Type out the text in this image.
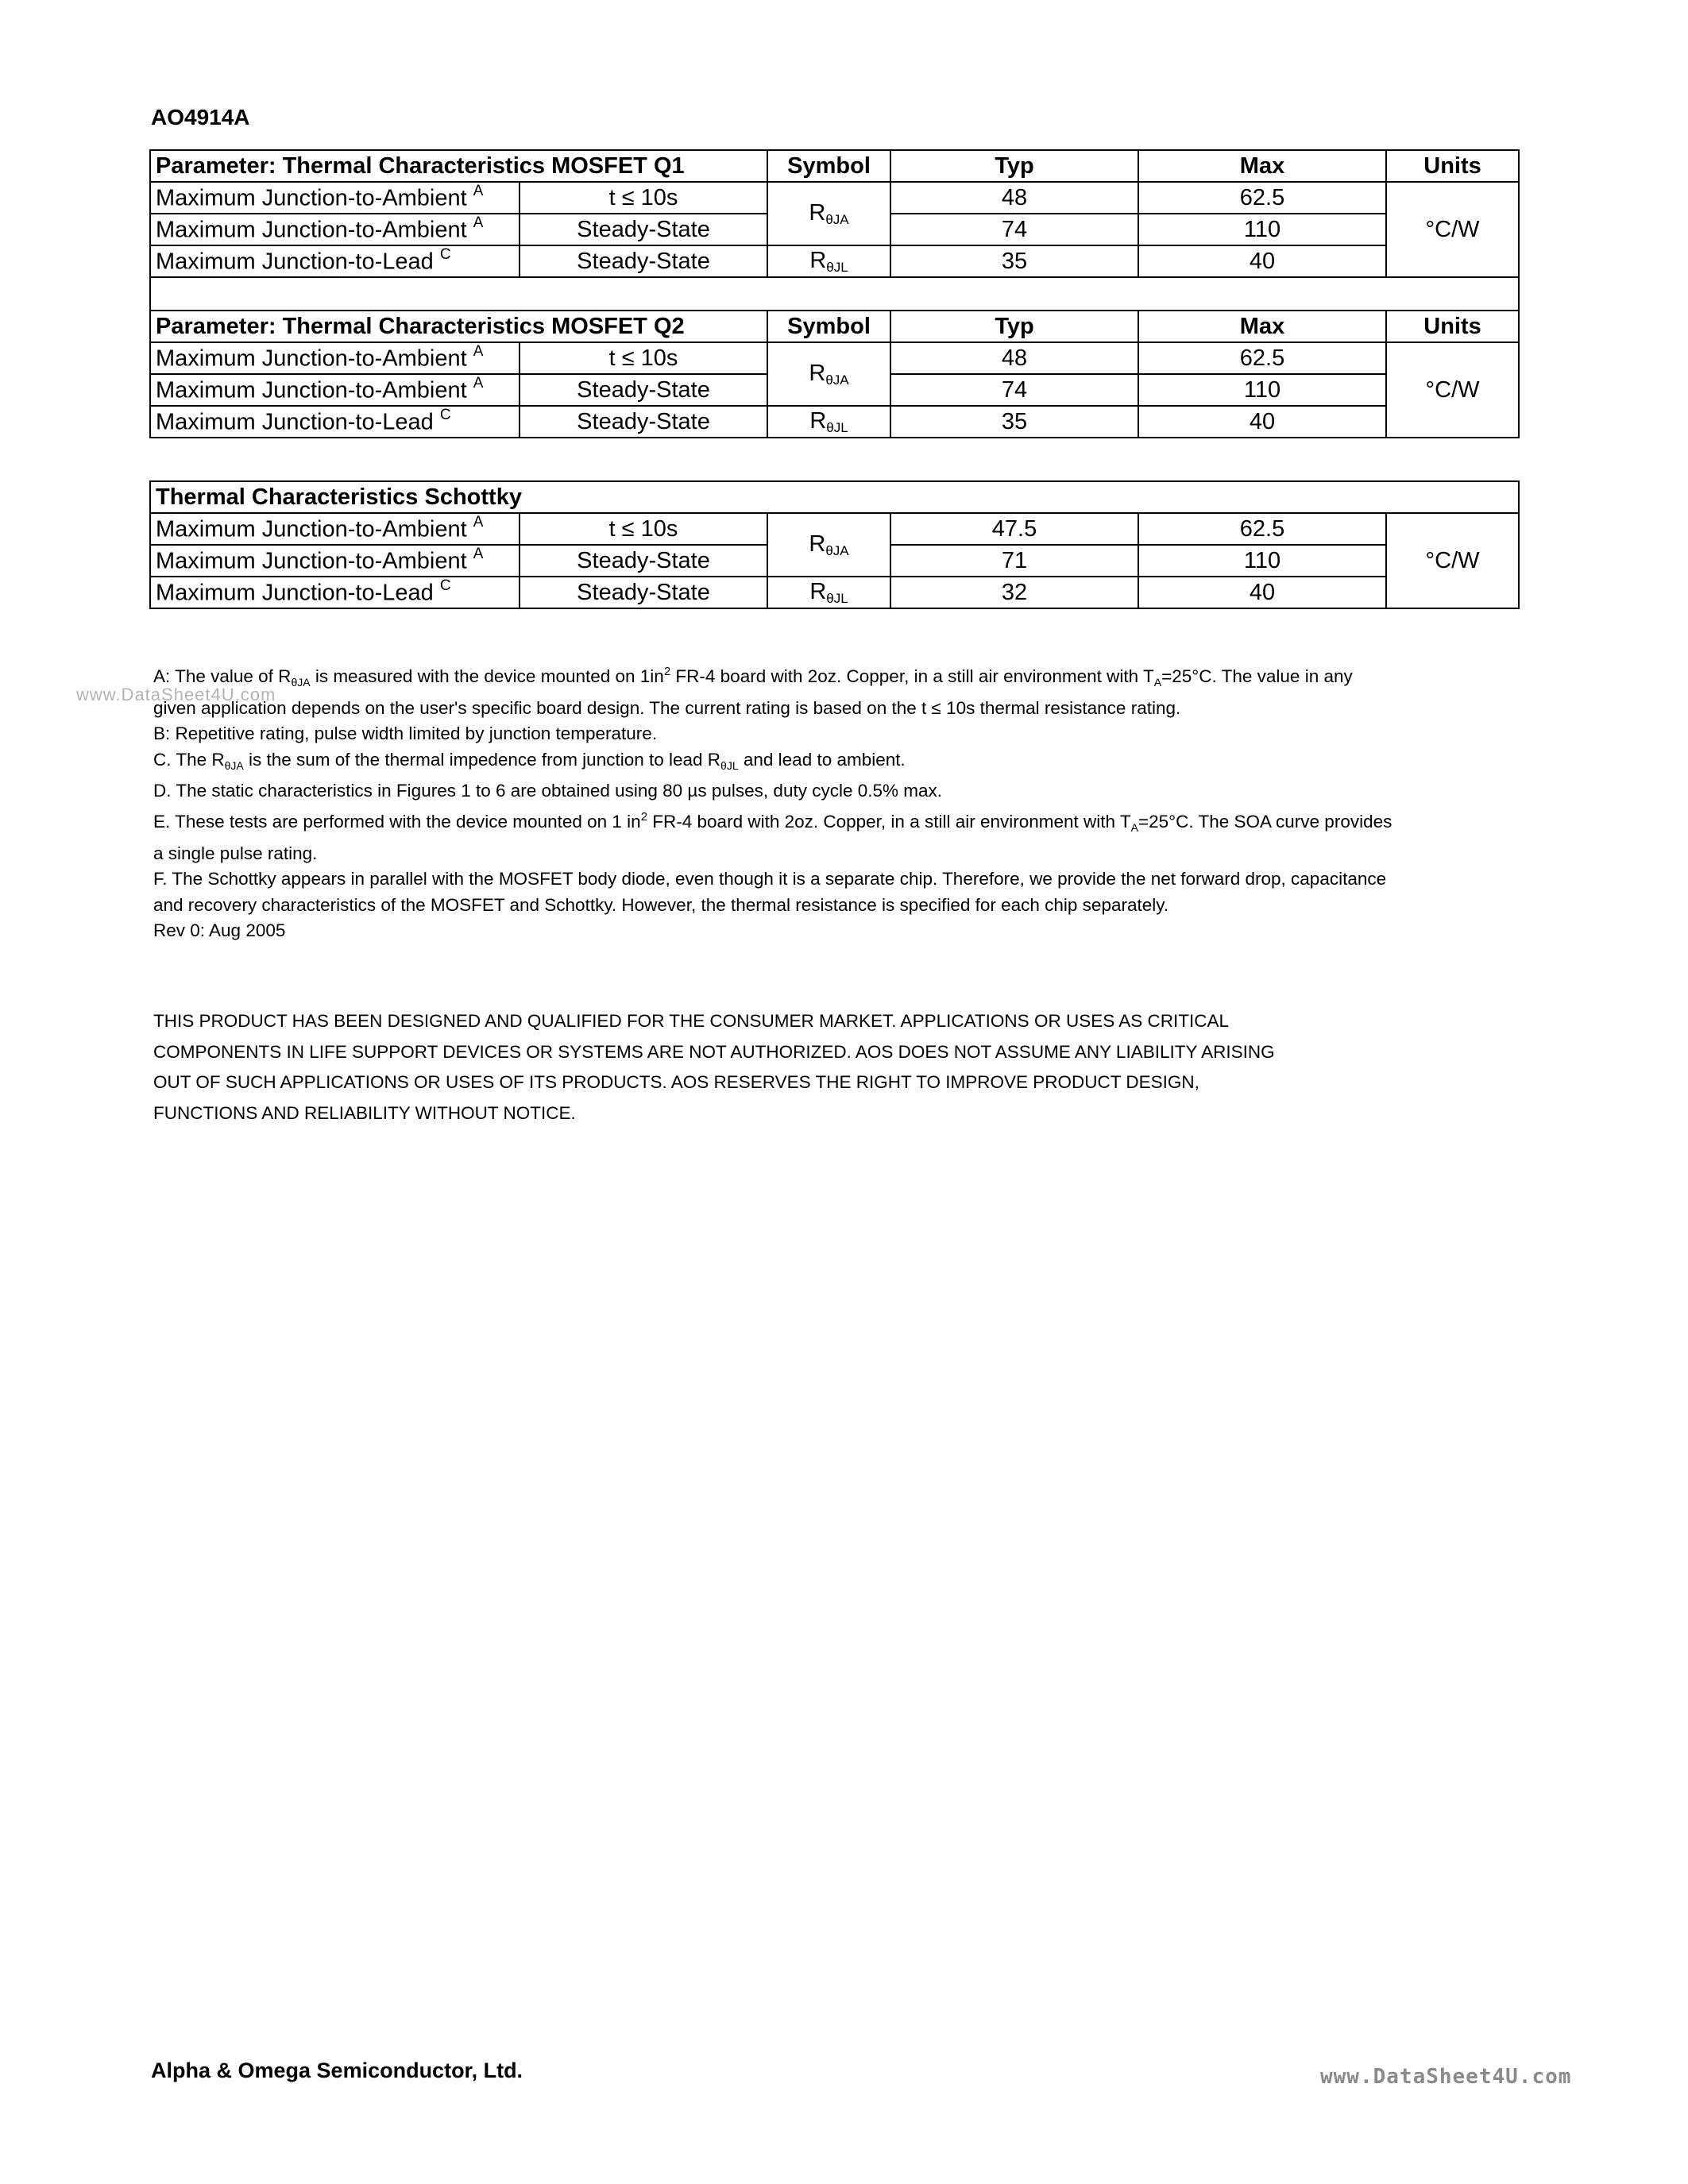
AO4914A
Parameter: Thermal Characteristics MOSFET Q1		Symbol	Typ	Max	Units
Maximum Junction-to-Ambient $^A$	t ≤ 10s	RθJA	48	62.5	°C/W
Maximum Junction-to-Ambient $^A$	Steady-State		74	110	
Maximum Junction-to-Lead $^C$	Steady-State	RθJL	35	40	

Parameter: Thermal Characteristics MOSFET Q2		Symbol	Typ	Max	Units
Maximum Junction-to-Ambient $^A$	t ≤ 10s	RθJA	48	62.5	°C/W
Maximum Junction-to-Ambient $^A$	Steady-State		74	110	
Maximum Junction-to-Lead $^C$	Steady-State	RθJL	35	40	
Thermal Characteristics Schottky					
Maximum Junction-to-Ambient $^A$	t ≤ 10s	RθJA	47.5	62.5	°C/W
Maximum Junction-to-Ambient $^A$	Steady-State		71	110	
Maximum Junction-to-Lead $^C$	Steady-State	RθJL	32	40	
www.DataSheet4U.com

A: The value of $R_{\theta JA}$ is measured with the device mounted on $1in^2$ FR-4 board with 2oz. Copper, in a still air environment with $T_A=25^\circ C$. The value in any given application depends on the user's specific board design. The current rating is based on the t ≤ 10s thermal resistance rating.

B: Repetitive rating, pulse width limited by junction temperature.

C. The $R_{\theta JA}$ is the sum of the thermal impedence from junction to lead $R_{\theta JL}$ and lead to ambient.

D. The static characteristics in Figures 1 to 6 are obtained using 80 µs pulses, duty cycle 0.5% max.

E. These tests are performed with the device mounted on 1 $in^2$ FR-4 board with 2oz. Copper, in a still air environment with $T_A=25^\circ C$. The SOA curve provides a single pulse rating.

F. The Schottky appears in parallel with the MOSFET body diode, even though it is a separate chip. Therefore, we provide the net forward drop, capacitance and recovery characteristics of the MOSFET and Schottky. However, the thermal resistance is specified for each chip separately.

Rev 0: Aug 2005

THIS PRODUCT HAS BEEN DESIGNED AND QUALIFIED FOR THE CONSUMER MARKET. APPLICATIONS OR USES AS CRITICAL

COMPONENTS IN LIFE SUPPORT DEVICES OR SYSTEMS ARE NOT AUTHORIZED. AOS DOES NOT ASSUME ANY LIABILITY ARISING

OUT OF SUCH APPLICATIONS OR USES OF ITS PRODUCTS. AOS RESERVES THE RIGHT TO IMPROVE PRODUCT DESIGN,

FUNCTIONS AND RELIABILITY WITHOUT NOTICE.

Alpha & Omega Semiconductor, Ltd.	www.DataSheet4U.com
